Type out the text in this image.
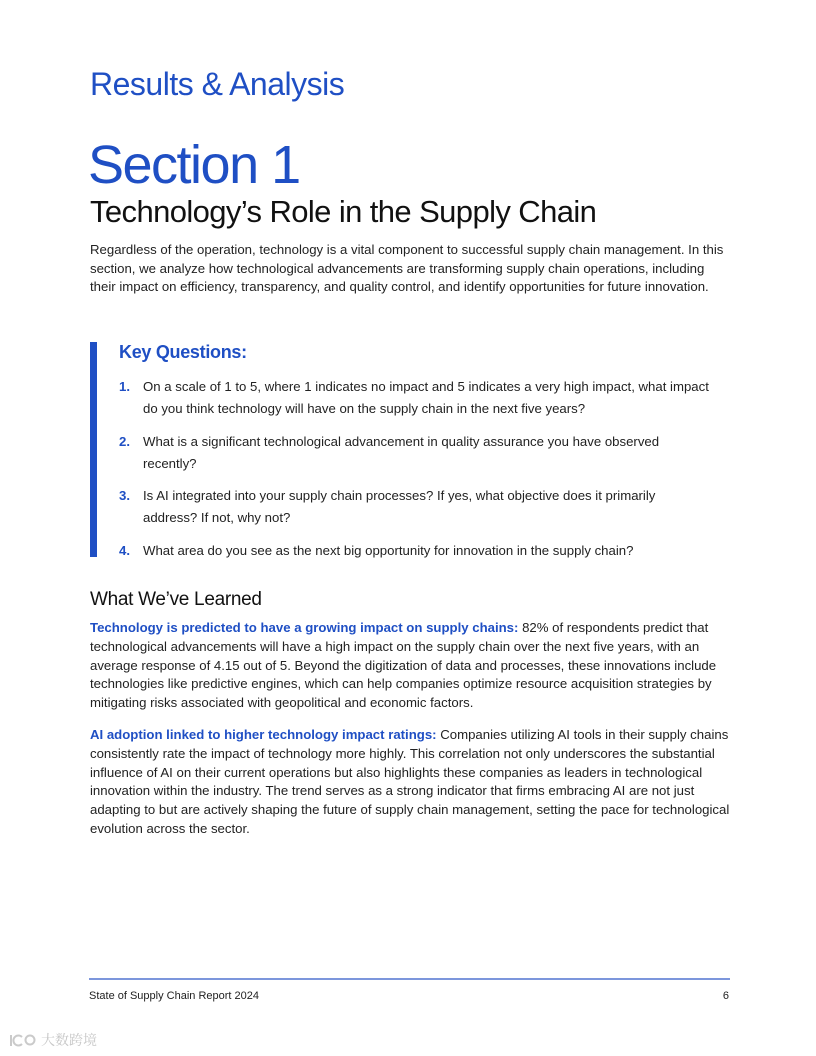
Results & Analysis
Section 1
Technology’s Role in the Supply Chain

Regardless of the operation, technology is a vital component to successful supply chain management. In this section, we analyze how technological advancements are transforming supply chain operations, including their impact on efficiency, transparency, and quality control, and identify opportunities for future innovation.

Key Questions:
1. On a scale of 1 to 5, where 1 indicates no impact and 5 indicates a very high impact, what impact do you think technology will have on the supply chain in the next five years?
2. What is a significant technological advancement in quality assurance you have observed recently?
3. Is AI integrated into your supply chain processes? If yes, what objective does it primarily address? If not, why not?
4. What area do you see as the next big opportunity for innovation in the supply chain?
What We’ve Learned

Technology is predicted to have a growing impact on supply chains: 82% of respondents predict that technological advancements will have a high impact on the supply chain over the next five years, with an average response of 4.15 out of 5. Beyond the digitization of data and processes, these innovations include technologies like predictive engines, which can help companies optimize resource acquisition strategies by mitigating risks associated with geopolitical and economic factors.

AI adoption linked to higher technology impact ratings: Companies utilizing AI tools in their supply chains consistently rate the impact of technology more highly. This correlation not only underscores the substantial influence of AI on their current operations but also highlights these companies as leaders in technological innovation within the industry. The trend serves as a strong indicator that firms embracing AI are not just adapting to but are actively shaping the future of supply chain management, setting the pace for technological evolution across the sector.

State of Supply Chain Report 2024	6
大数跨境
